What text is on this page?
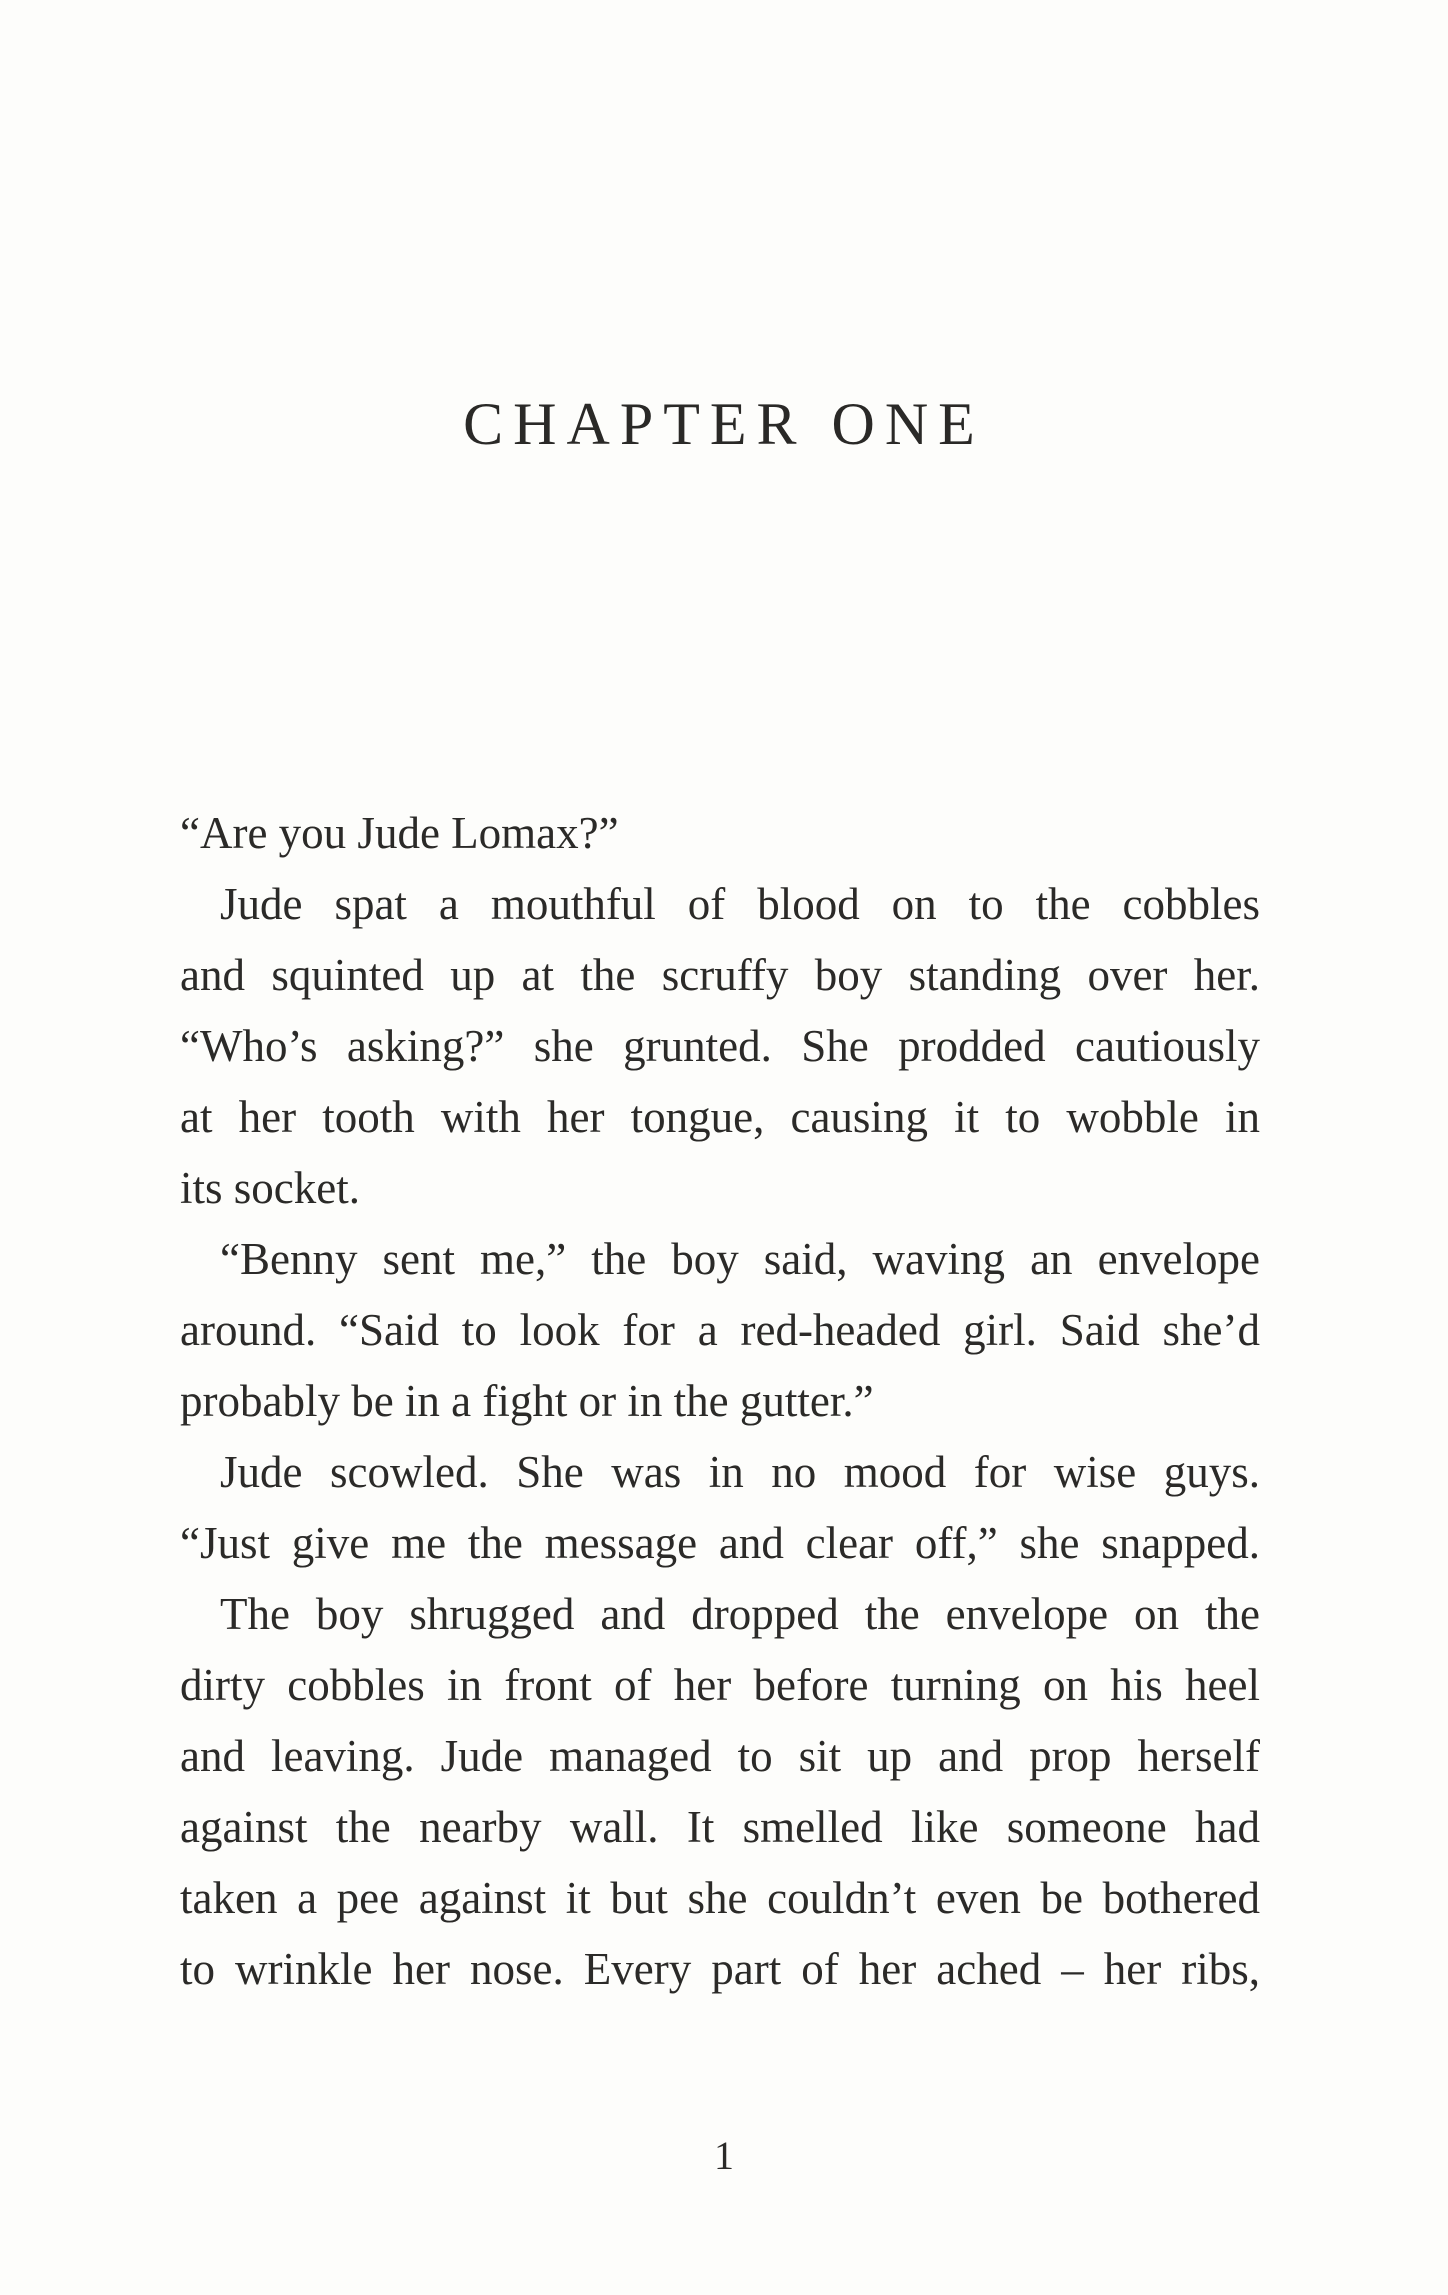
CHAPTER ONE
“Are you Jude Lomax?”
Jude spat a mouthful of blood on to the cobbles
and squinted up at the scruffy boy standing over her.
“Who’s asking?” she grunted. She prodded cautiously
at her tooth with her tongue, causing it to wobble in
its socket.
“Benny sent me,” the boy said, waving an envelope
around. “Said to look for a red-headed girl. Said she’d
probably be in a fight or in the gutter.”
Jude scowled. She was in no mood for wise guys.
“Just give me the message and clear off,” she snapped.
The boy shrugged and dropped the envelope on the
dirty cobbles in front of her before turning on his heel
and leaving. Jude managed to sit up and prop herself
against the nearby wall. It smelled like someone had
taken a pee against it but she couldn’t even be bothered
to wrinkle her nose. Every part of her ached – her ribs,
1
